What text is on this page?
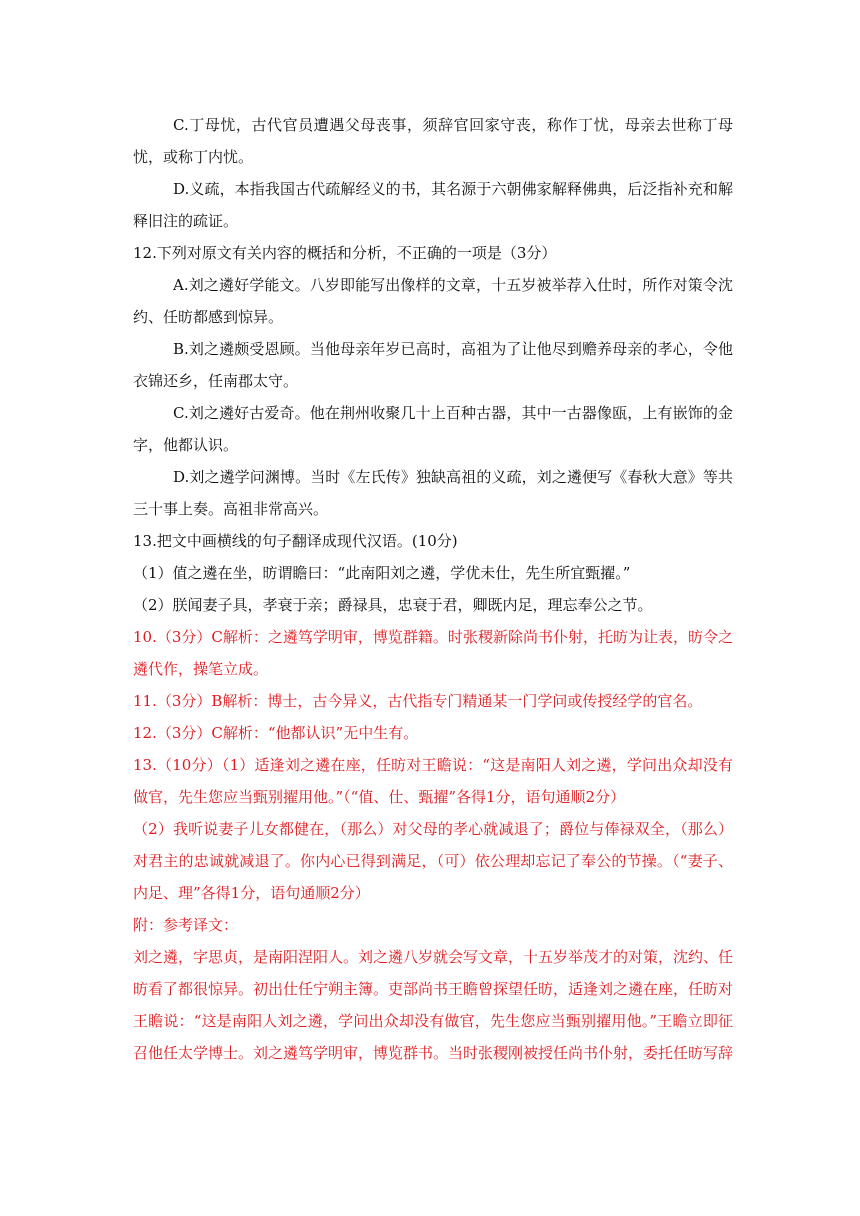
C.丁母忧，古代官员遭遇父母丧事，须辞官回家守丧，称作丁忧，母亲去世称丁母忧，或称丁内忧。

D.义疏，本指我国古代疏解经义的书，其名源于六朝佛家解释佛典，后泛指补充和解释旧注的疏证。

12.下列对原文有关内容的概括和分析，不正确的一项是（3分）

A.刘之遴好学能文。八岁即能写出像样的文章，十五岁被举荐入仕时，所作对策令沈约、任昉都感到惊异。

B.刘之遴颇受恩顾。当他母亲年岁已高时，高祖为了让他尽到赡养母亲的孝心，令他衣锦还乡，任南郡太守。

C.刘之遴好古爱奇。他在荆州收聚几十上百种古器，其中一古器像瓯，上有嵌饰的金字，他都认识。

D.刘之遴学问渊博。当时《左氏传》独缺高祖的义疏，刘之遴便写《春秋大意》等共三十事上奏。高祖非常高兴。

13.把文中画横线的句子翻译成现代汉语。(10分)

（1）值之遴在坐，昉谓瞻曰：“此南阳刘之遴，学优未仕，先生所宜甄擢。”

（2）朕闻妻子具，孝衰于亲；爵禄具，忠衰于君，卿既内足，理忘奉公之节。

10.（3分）C解析：之遴笃学明审，博览群籍。时张稷新除尚书仆射，托昉为让表，昉令之遴代作，操笔立成。

11.（3分）B解析：博士，古今异义，古代指专门精通某一门学问或传授经学的官名。

12.（3分）C解析：“他都认识”无中生有。

13.（10分）（1）适逢刘之遴在座，任昉对王瞻说：“这是南阳人刘之遴，学问出众却没有做官，先生您应当甄别擢用他。”（“值、仕、甄擢”各得1分，语句通顺2分）

（2）我听说妻子儿女都健在，（那么）对父母的孝心就减退了；爵位与俸禄双全，（那么）对君主的忠诚就减退了。你内心已得到满足，（可）依公理却忘记了奉公的节操。（“妻子、内足、理”各得1分，语句通顺2分）

附：参考译文：

刘之遴，字思贞，是南阳涅阳人。刘之遴八岁就会写文章，十五岁举茂才的对策，沈约、任昉看了都很惊异。初出仕任宁朔主簿。吏部尚书王瞻曾探望任昉，适逢刘之遴在座，任昉对王瞻说：“这是南阳人刘之遴，学问出众却没有做官，先生您应当甄别擢用他。”王瞻立即征召他任太学博士。刘之遴笃学明审，博览群书。当时张稷刚被授任尚书仆射，委托任昉写辞
